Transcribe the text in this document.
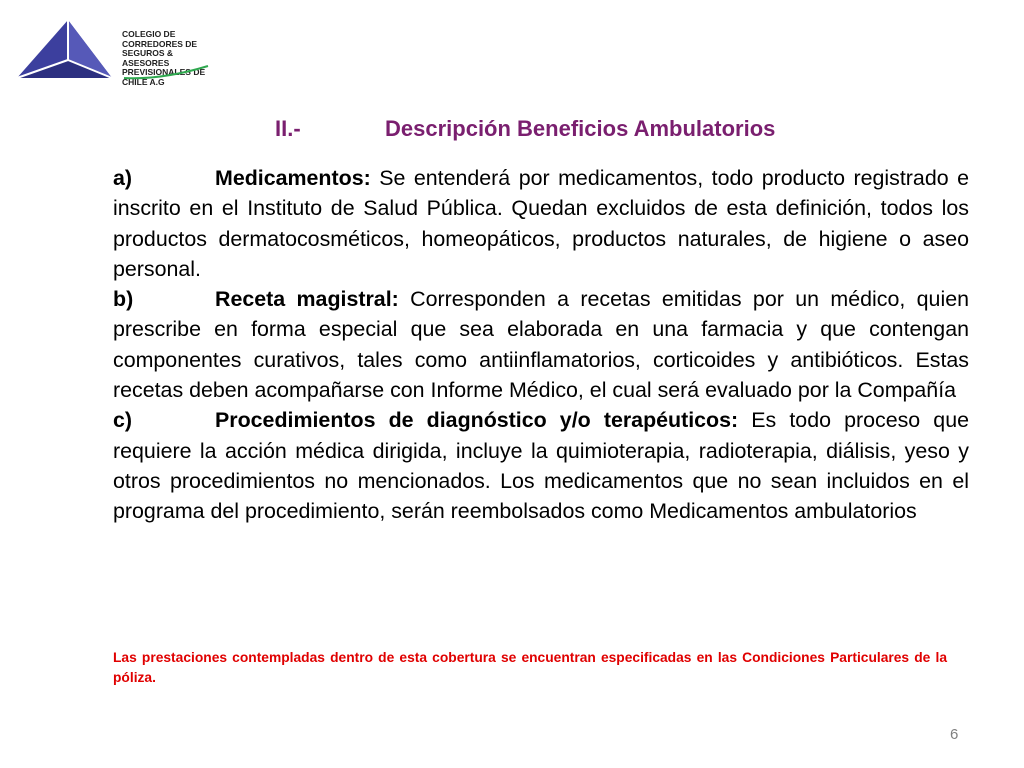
COLEGIO DE
CORREDORES DE
SEGUROS & ASESORES
PREVISIONALES DE
CHILE A.G
II.-	Descripción Beneficios Ambulatorios

a)	Medicamentos: Se entenderá por medicamentos, todo producto registrado e inscrito en el Instituto de Salud Pública. Quedan excluidos de esta definición, todos los productos dermatocosméticos, homeopáticos, productos naturales, de higiene o aseo personal.

b)	Receta magistral: Corresponden a recetas emitidas por un médico, quien prescribe en forma especial que sea elaborada en una farmacia y que contengan componentes curativos, tales como antiinflamatorios, corticoides y antibióticos. Estas recetas deben acompañarse con Informe Médico, el cual será evaluado por la Compañía

c)	Procedimientos de diagnóstico y/o terapéuticos: Es todo proceso que requiere la acción médica dirigida, incluye la quimioterapia, radioterapia, diálisis, yeso y otros procedimientos no mencionados. Los medicamentos que no sean incluidos en el programa del procedimiento, serán reembolsados como Medicamentos ambulatorios

Las prestaciones contempladas dentro de esta cobertura se encuentran especificadas en las Condiciones Particulares de la póliza.
6
